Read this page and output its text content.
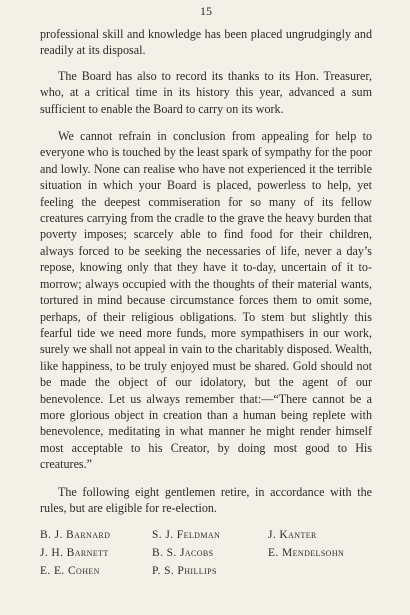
15

professional skill and knowledge has been placed ungrudgingly and readily at its disposal.

The Board has also to record its thanks to its Hon. Treasurer, who, at a critical time in its history this year, advanced a sum sufficient to enable the Board to carry on its work.

We cannot refrain in conclusion from appealing for help to everyone who is touched by the least spark of sympathy for the poor and lowly. None can realise who have not experienced it the terrible situation in which your Board is placed, powerless to help, yet feeling the deepest commiseration for so many of its fellow creatures carrying from the cradle to the grave the heavy burden that poverty imposes; scarcely able to find food for their children, always forced to be seeking the necessaries of life, never a day’s repose, knowing only that they have it to-day, uncertain of it to-morrow; always occupied with the thoughts of their material wants, tortured in mind because circumstance forces them to omit some, perhaps, of their religious obligations. To stem but slightly this fearful tide we need more funds, more sympathisers in our work, surely we shall not appeal in vain to the charitably disposed. Wealth, like happiness, to be truly enjoyed must be shared. Gold should not be made the object of our idolatory, but the agent of our benevolence. Let us always remember that:—“There cannot be a more glorious object in creation than a human being replete with benevolence, meditating in what manner he might render himself most acceptable to his Creator, by doing most good to His creatures.”

The following eight gentlemen retire, in accordance with the rules, but are eligible for re-election.

B. J. Barnard	S. J. Feldman	J. Kanter
J. H. Barnett	B. S. Jacobs	E. Mendelsohn
E. E. Cohen	P. S. Phillips
